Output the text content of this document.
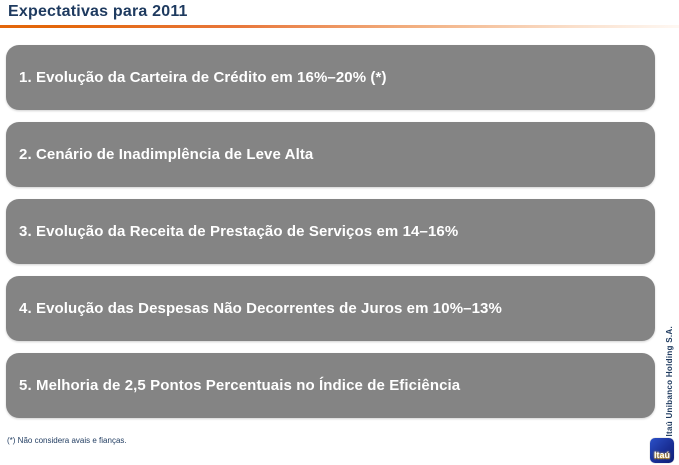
Expectativas para 2011
1. Evolução da Carteira de Crédito em 16%–20% (*)
2. Cenário de Inadimplência de Leve Alta
3. Evolução da Receita de Prestação de Serviços em 14–16%
4. Evolução das Despesas Não Decorrentes de Juros em 10%–13%
5. Melhoria de 2,5 Pontos Percentuais no Índice de Eficiência
(*) Não considera avais e fianças.
Itaú Unibanco Holding S.A.
Itaú
